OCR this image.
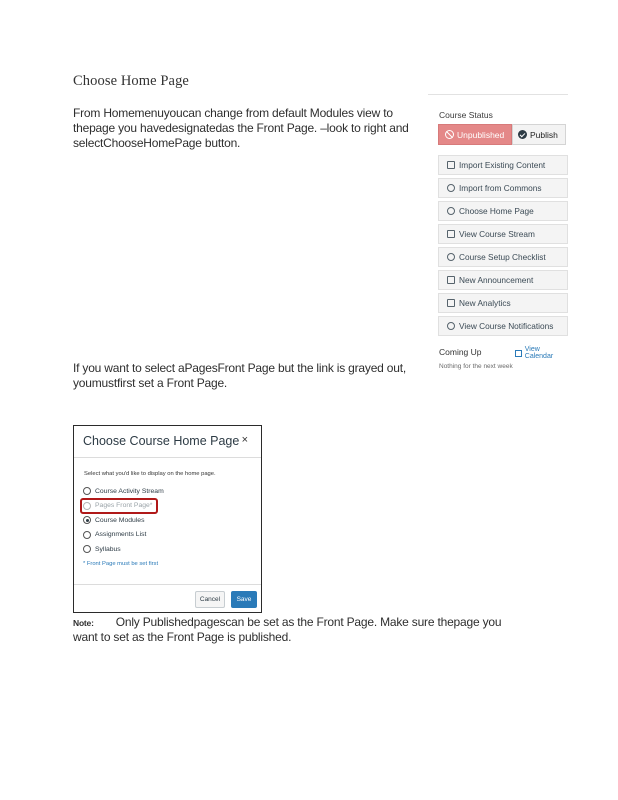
Choose Home Page
From Homemenuyoucan change from default Modules view to thepage you havedesignatedas the Front Page. –look to right and selectChooseHomePage button.
Course Status
Unpublished	Publish
Import Existing Content
Import from Commons
Choose Home Page
View Course Stream
Course Setup Checklist
New Announcement
New Analytics
View Course Notifications
Coming Up	View Calendar
Nothing for the next week
If you want to select aPagesFront Page but the link is grayed out, youmustfirst set a Front Page.
Choose Course Home Page ×
Select what you'd like to display on the home page.
Course Activity Stream
Pages Front Page*
Course Modules
Assignments List
Syllabus
* Front Page must be set first
Cancel	Save
Note: Only Publishedpagescan be set as the Front Page. Make sure thepage you want to set as the Front Page is published.
